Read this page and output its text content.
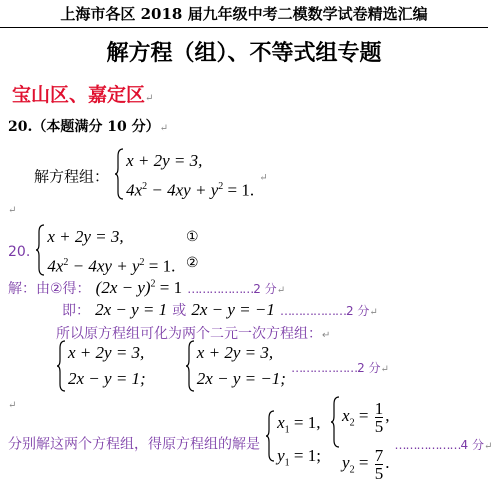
上海市各区 2018 届九年级中考二模数学试卷精选汇编
解方程（组）、不等式组专题
宝山区、嘉定区↵
20.（本题满分 10 分）↵
解方程组：
x + 2y = 3,
$4x^2 - 4xy + y^2 = 1$.
↵
↵
20.
x + 2y = 3,
$4x^2 - 4xy + y^2 = 1$.
①
②
解：由②得： $(2x - y)^2 = 1$ ………………2 分↵
即： 2x − y = 1 或 2x − y = −1 ………………2 分↵
所以原方程组可化为两个二元一次方程组：↵
x + 2y = 3,
2x − y = 1;

x + 2y = 3,
2x − y = −1;
………………2 分↵
↵
分别解这两个方程组，得原方程组的解是
$x_1 = 1$,
$y_1 = 1$;

$x_2 = \frac{1}{5}$ ,
$y_2 = \frac{7}{5}$ .
………………4 分↵
